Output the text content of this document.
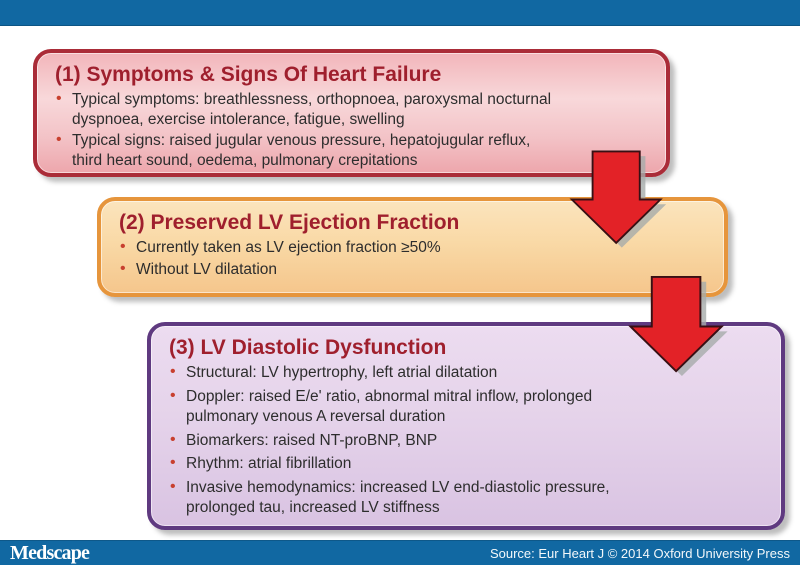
(1) Symptoms & Signs Of Heart Failure
• Typical symptoms: breathlessness, orthopnoea, paroxysmal nocturnal dyspnoea, exercise intolerance, fatigue, swelling
• Typical signs: raised jugular venous pressure, hepatojugular reflux, third heart sound, oedema, pulmonary crepitations
(2) Preserved LV Ejection Fraction
• Currently taken as LV ejection fraction ≥50%
• Without LV dilatation
(3) LV Diastolic Dysfunction
• Structural: LV hypertrophy, left atrial dilatation
• Doppler: raised E/e' ratio, abnormal mitral inflow, prolonged pulmonary venous A reversal duration
• Biomarkers: raised NT-proBNP, BNP
• Rhythm: atrial fibrillation
• Invasive hemodynamics: increased LV end-diastolic pressure, prolonged tau, increased LV stiffness
Medscape	Source: Eur Heart J © 2014 Oxford University Press
